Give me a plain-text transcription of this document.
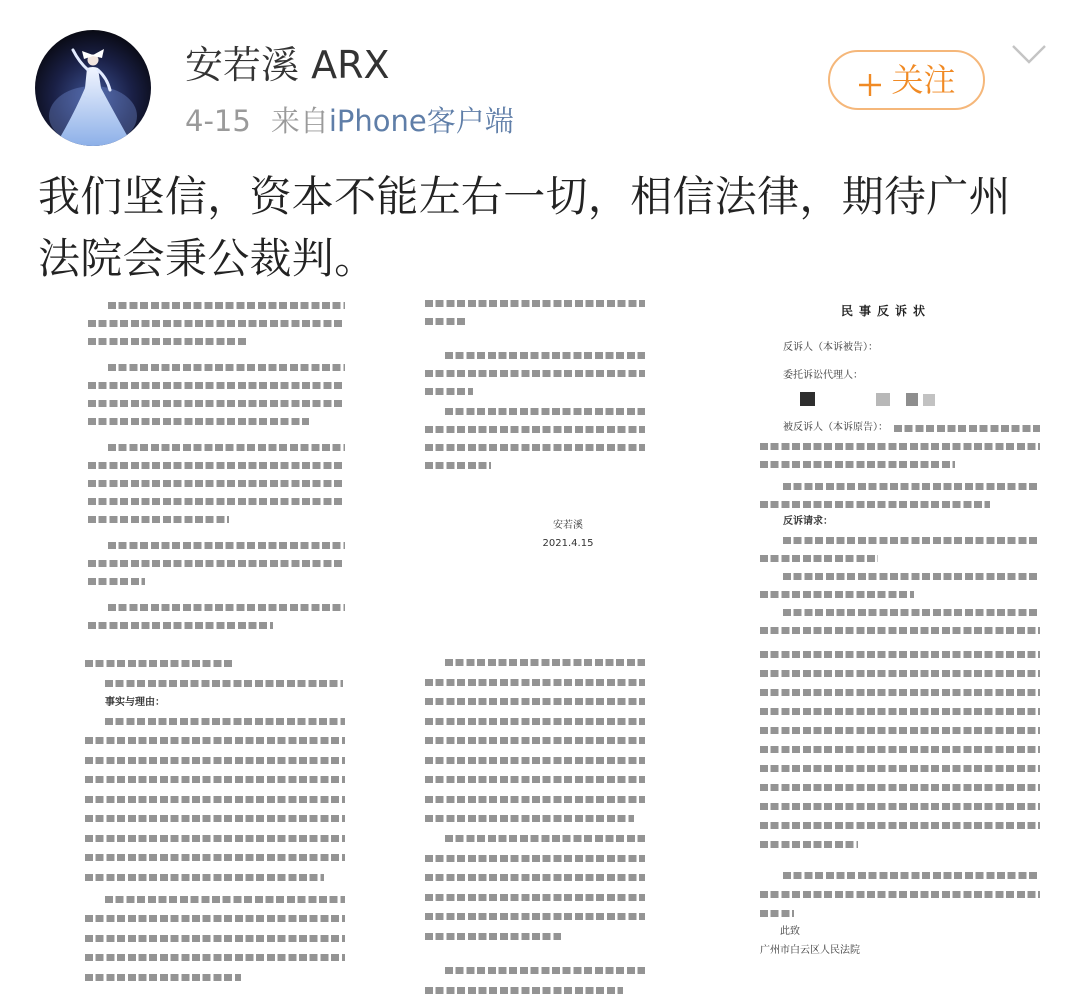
安若溪 ARX
4-15 来自iPhone客户端
关注
我们坚信，资本不能左右一切，相信法律，期待广州法院会秉公裁判。
安若溪
2021.4.15
民事反诉状
反诉人（本诉被告）：
委托诉讼代理人：
被反诉人（本诉原告）：
反诉请求：
事实与理由：
此致
广州市白云区人民法院
